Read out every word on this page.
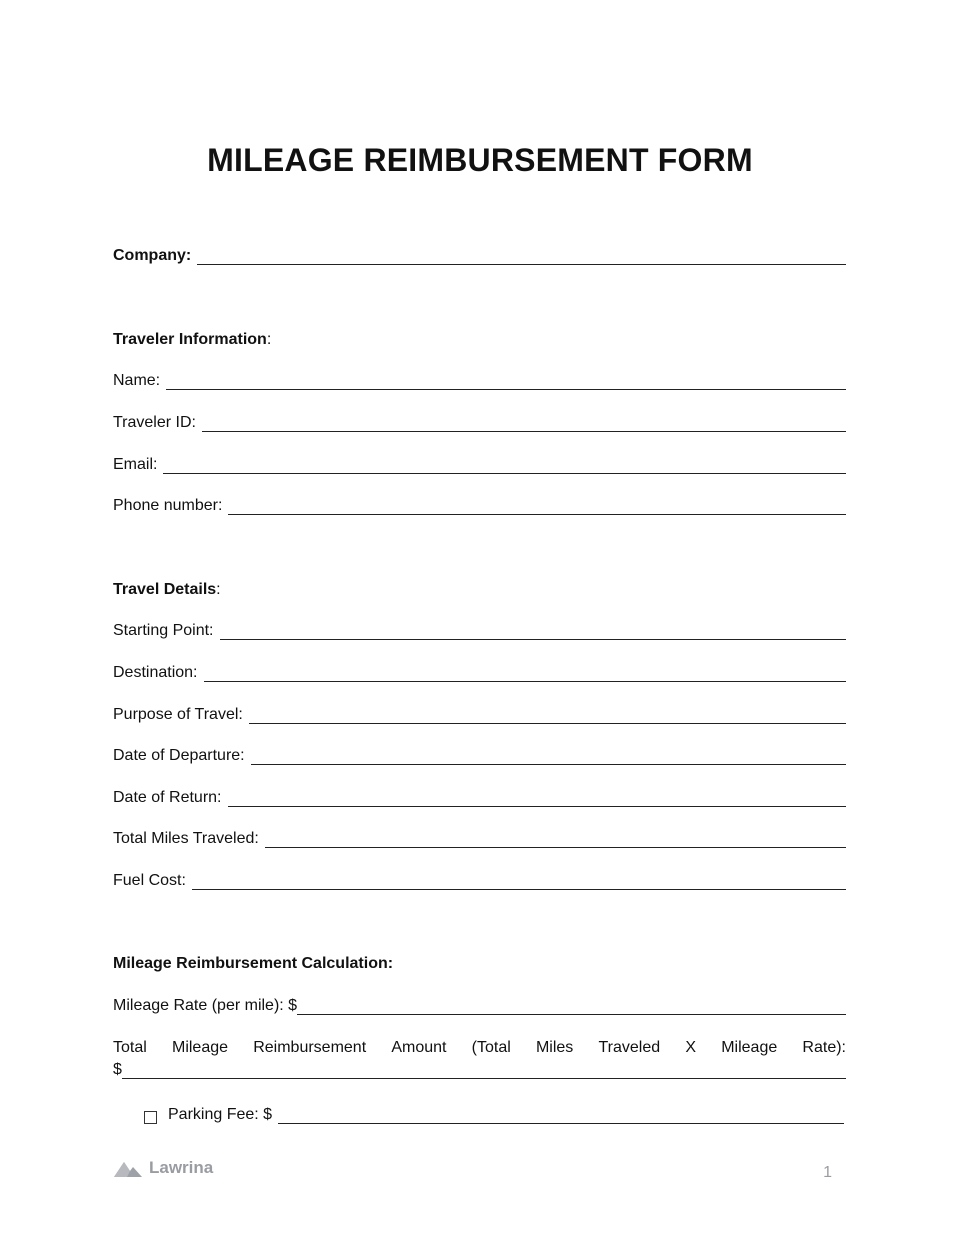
MILEAGE REIMBURSEMENT FORM
Company:
Traveler Information:
Name:
Traveler ID:
Email:
Phone number:
Travel Details:
Starting Point:
Destination:
Purpose of Travel:
Date of Departure:
Date of Return:
Total Miles Traveled:
Fuel Cost:
Mileage Reimbursement Calculation:
Mileage Rate (per mile): $
Total Mileage Reimbursement Amount (Total Miles Traveled X Mileage Rate):
$
Parking Fee: $
Lawrina	1
